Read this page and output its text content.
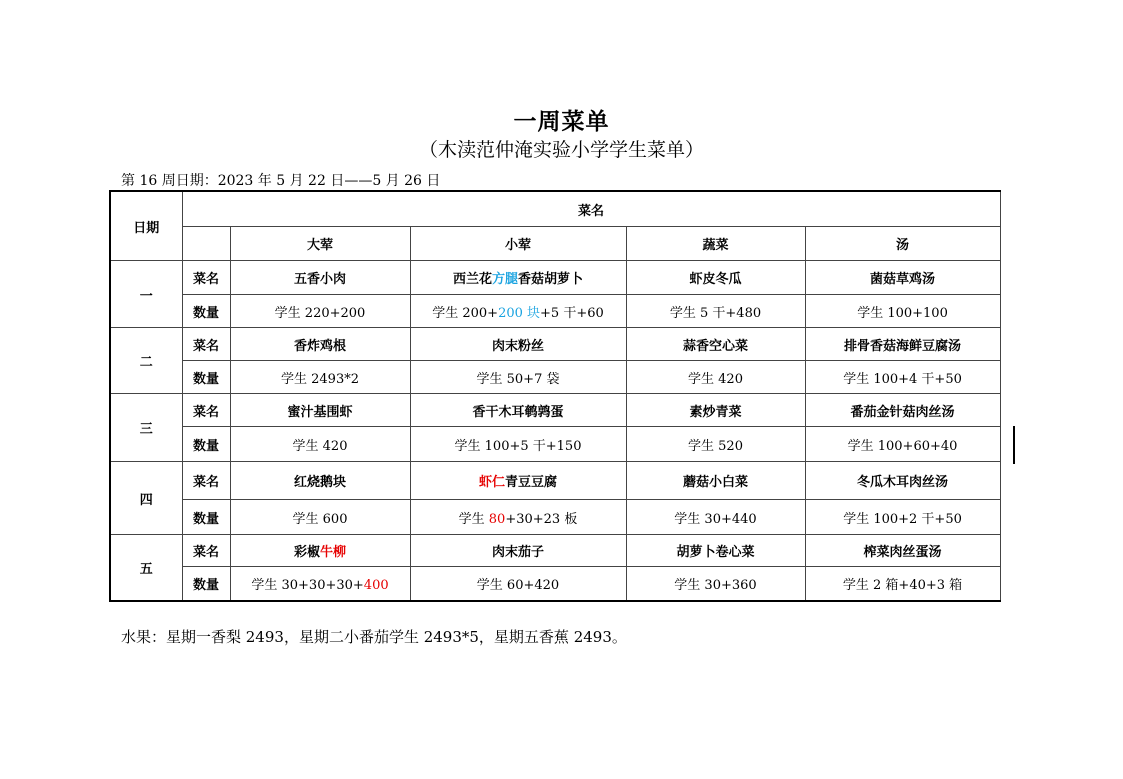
一周菜单
（木渎范仲淹实验小学学生菜单）
第 16 周日期：2023 年 5 月 22 日——5 月 26 日
日期	菜名				
		大荤	小荤	蔬菜	汤
一	菜名	五香小肉	西兰花方腿香菇胡萝卜	虾皮冬瓜	菌菇草鸡汤
	数量	学生 220+200	学生 200+200 块+5 干+60	学生 5 干+480	学生 100+100
二	菜名	香炸鸡根	肉末粉丝	蒜香空心菜	排骨香菇海鲜豆腐汤
	数量	学生 2493*2	学生 50+7 袋	学生 420	学生 100+4 干+50
三	菜名	蜜汁基围虾	香干木耳鹌鹑蛋	素炒青菜	番茄金针菇肉丝汤
	数量	学生 420	学生 100+5 干+150	学生 520	学生 100+60+40
四	菜名	红烧鹅块	虾仁青豆豆腐	蘑菇小白菜	冬瓜木耳肉丝汤
	数量	学生 600	学生 80+30+23 板	学生 30+440	学生 100+2 干+50
五	菜名	彩椒牛柳	肉末茄子	胡萝卜卷心菜	榨菜肉丝蛋汤
	数量	学生 30+30+30+400	学生 60+420	学生 30+360	学生 2 箱+40+3 箱
水果：星期一香梨 2493，星期二小番茄学生 2493*5，星期五香蕉 2493。
